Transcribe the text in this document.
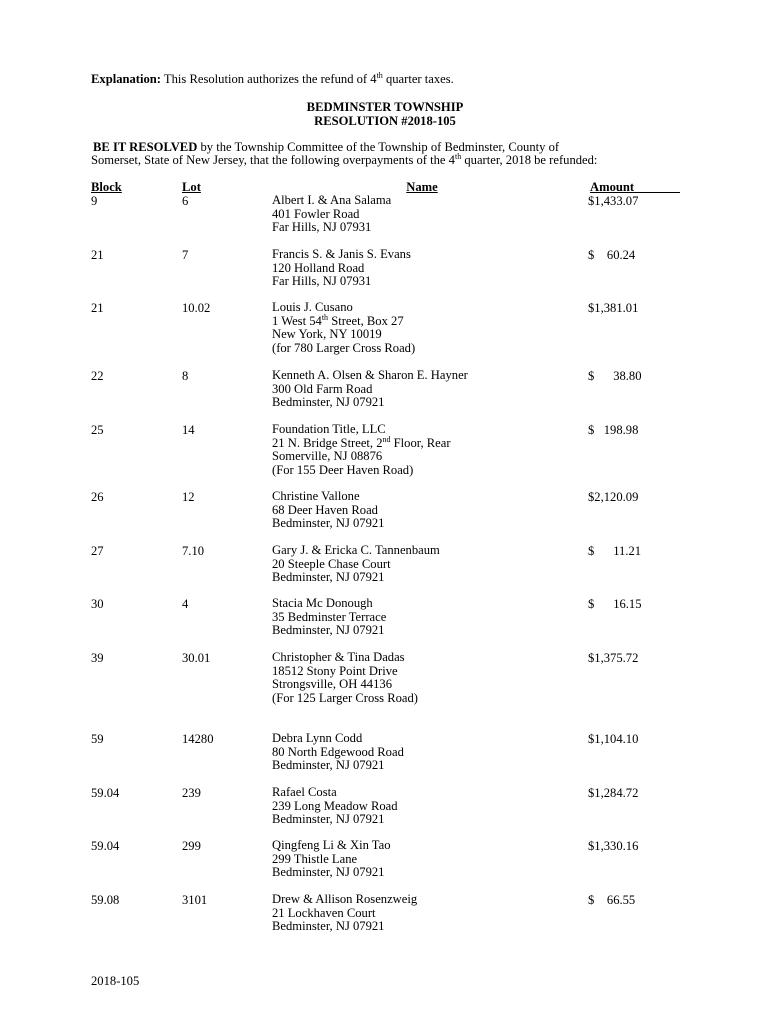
Explanation: This Resolution authorizes the refund of 4th quarter taxes.
BEDMINSTER TOWNSHIP
RESOLUTION #2018-105
BE IT RESOLVED by the Township Committee of the Township of Bedminster, County of
Somerset, State of New Jersey, that the following overpayments of the 4th quarter, 2018 be refunded:
Block	Lot	Name	Amount
9	6	Albert I. & Ana Salama
401 Fowler Road
Far Hills, NJ 07931
$1,433.07
21	7	Francis S. & Janis S. Evans
120 Holland Road
Far Hills, NJ 07931
$    60.24
21	10.02	Louis J. Cusano
1 West 54th Street, Box 27
New York, NY 10019
(for 780 Larger Cross Road)
$1,381.01
22	8	Kenneth A. Olsen & Sharon E. Hayner
300 Old Farm Road
Bedminster, NJ 07921
$      38.80
25	14	Foundation Title, LLC
21 N. Bridge Street, 2nd Floor, Rear
Somerville, NJ 08876
(For 155 Deer Haven Road)
$   198.98
26	12	Christine Vallone
68 Deer Haven Road
Bedminster, NJ 07921
$2,120.09
27	7.10	Gary J. & Ericka C. Tannenbaum
20 Steeple Chase Court
Bedminster, NJ 07921
$      11.21
30	4	Stacia Mc Donough
35 Bedminster Terrace
Bedminster, NJ 07921
$      16.15
39	30.01	Christopher & Tina Dadas
18512 Stony Point Drive
Strongsville, OH 44136
(For 125 Larger Cross Road)
$1,375.72
59	14280	Debra Lynn Codd
80 North Edgewood Road
Bedminster, NJ 07921
$1,104.10
59.04	239	Rafael Costa
239 Long Meadow Road
Bedminster, NJ 07921
$1,284.72
59.04	299	Qingfeng Li & Xin Tao
299 Thistle Lane
Bedminster, NJ 07921
$1,330.16
59.08	3101	Drew & Allison Rosenzweig
21 Lockhaven Court
Bedminster, NJ 07921
$    66.55
2018-105
